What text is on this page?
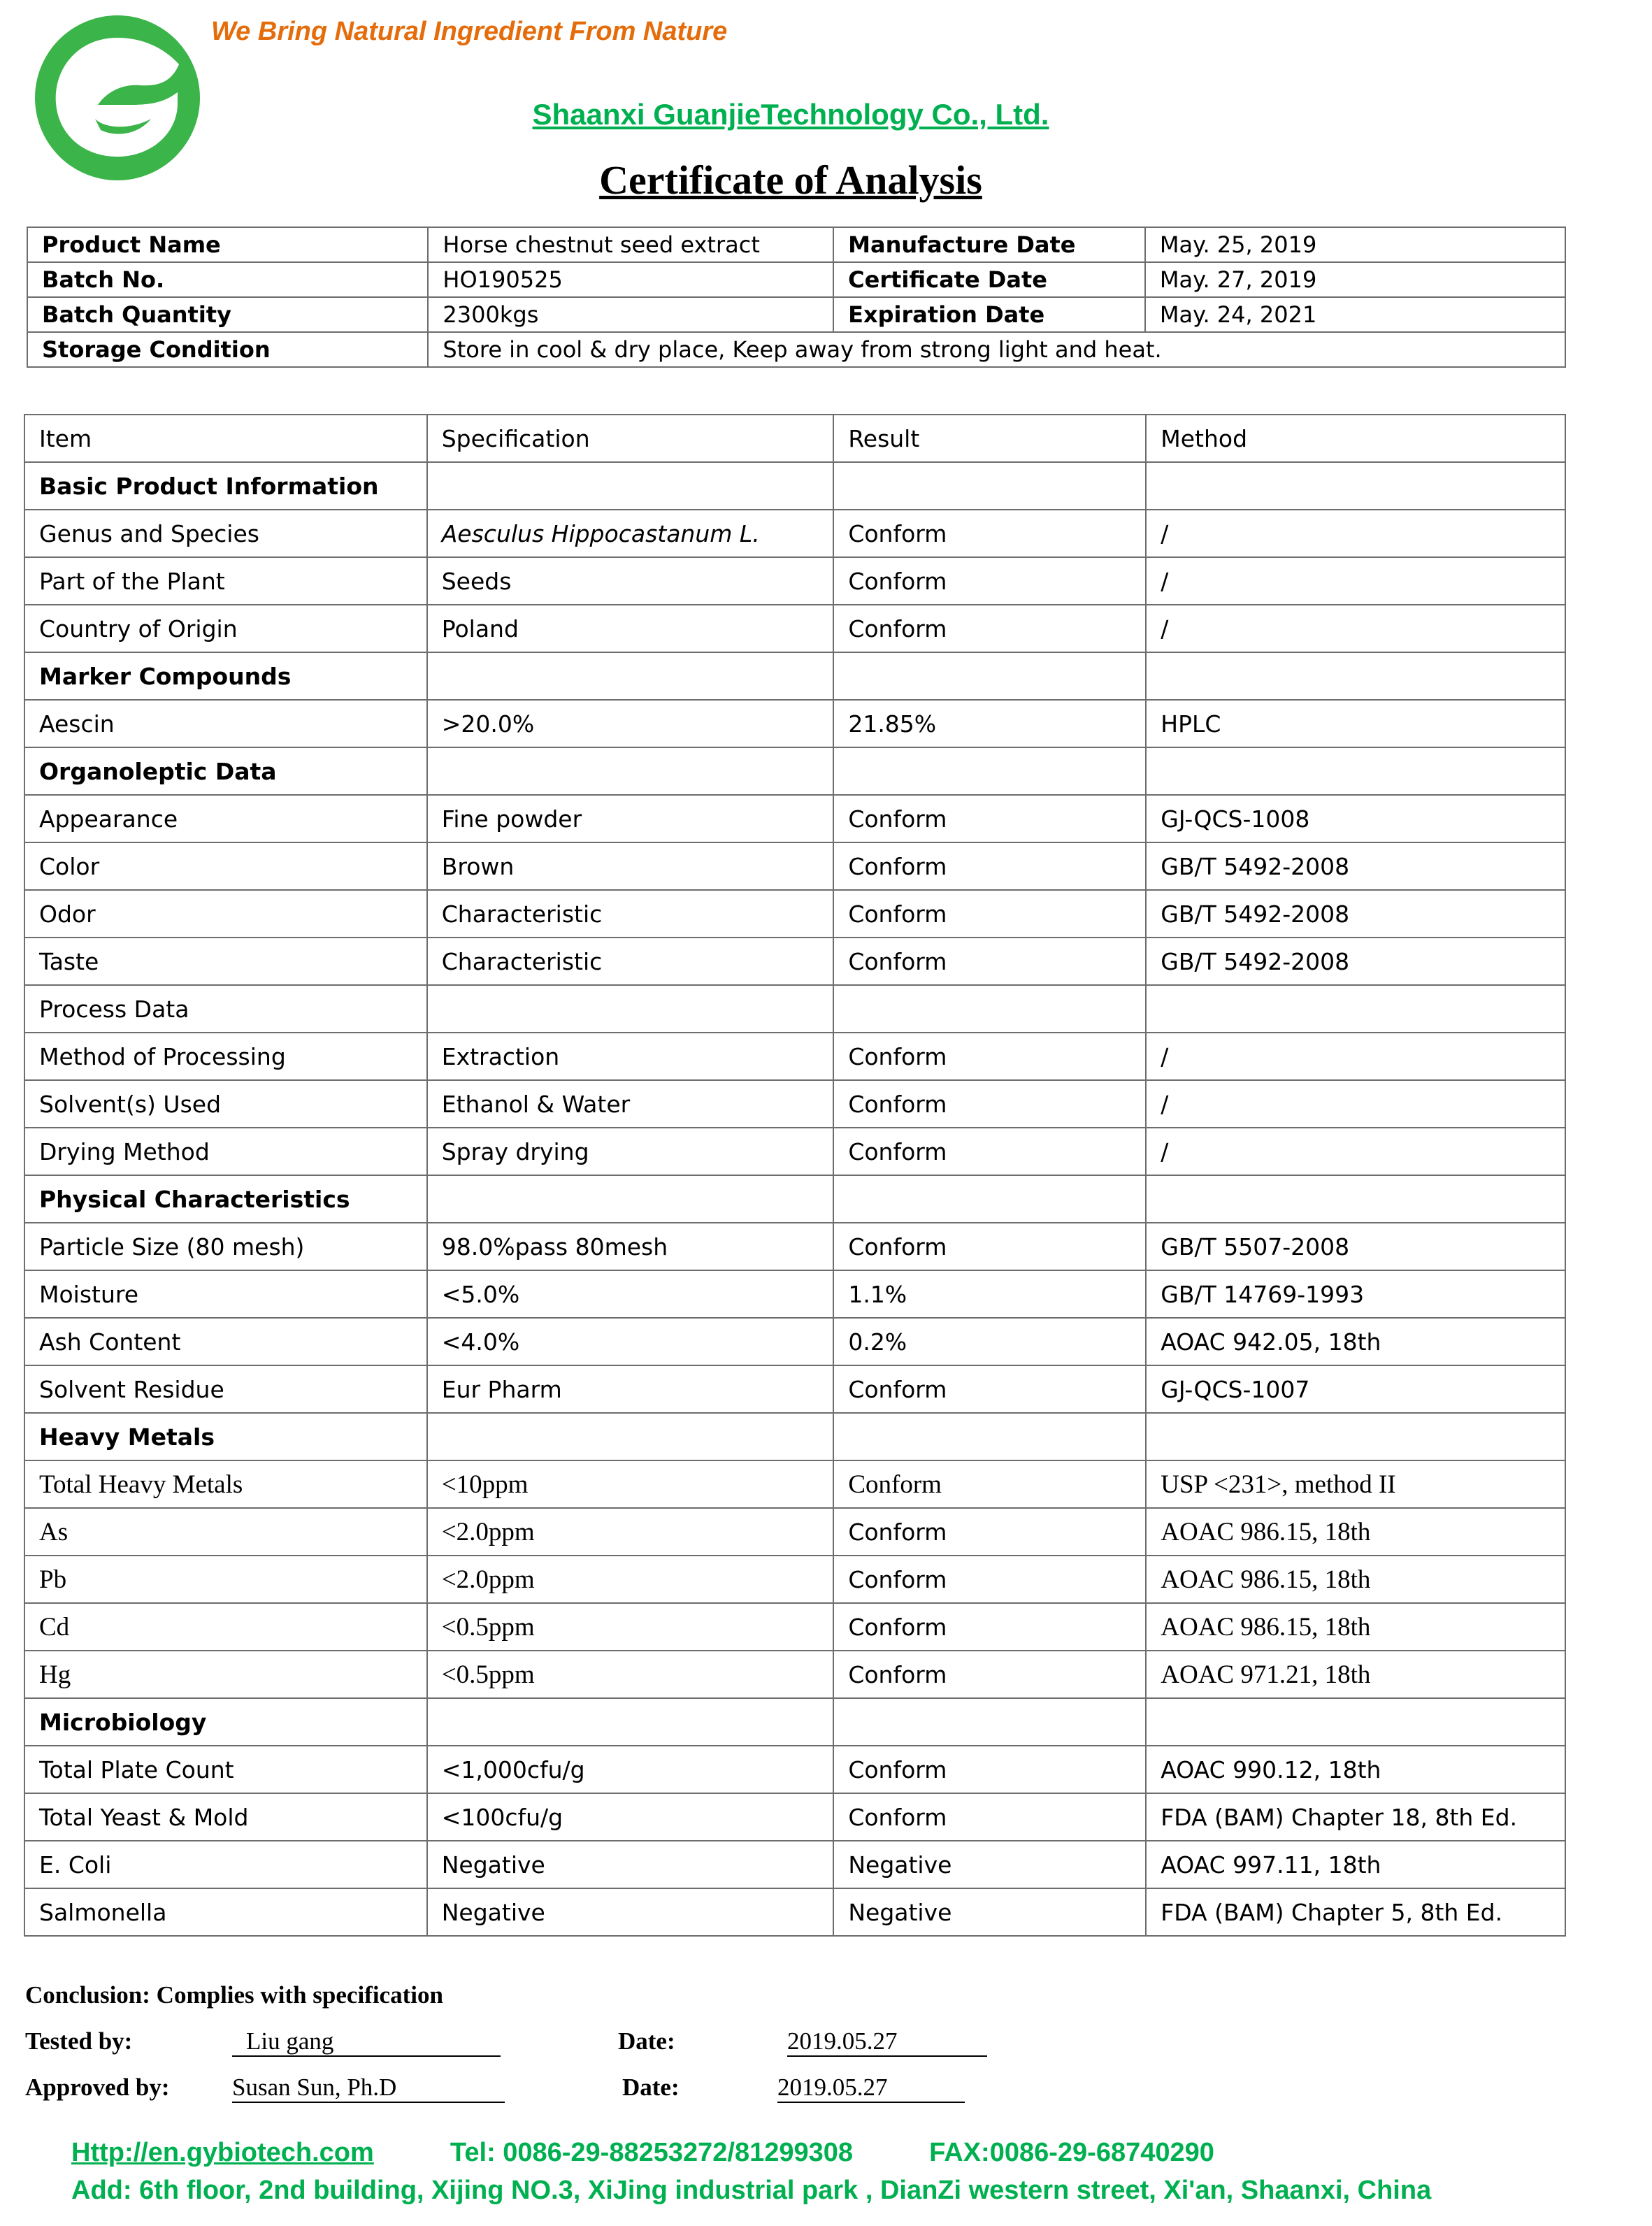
We Bring Natural Ingredient From Nature
Shaanxi GuanjieTechnology Co., Ltd.
Certificate of Analysis
Product Name	Horse chestnut seed extract	Manufacture Date	May. 25, 2019
Batch No.	HO190525	Certificate Date	May. 27, 2019
Batch Quantity	2300kgs	Expiration Date	May. 24, 2021
Storage Condition	Store in cool & dry place, Keep away from strong light and heat.		
Item	Specification	Result	Method
Basic Product Information			
Genus and Species	Aesculus Hippocastanum L.	Conform	/
Part of the Plant	Seeds	Conform	/
Country of Origin	Poland	Conform	/
Marker Compounds			
Aescin	>20.0%	21.85%	HPLC
Organoleptic Data			
Appearance	Fine powder	Conform	GJ-QCS-1008
Color	Brown	Conform	GB/T 5492-2008
Odor	Characteristic	Conform	GB/T 5492-2008
Taste	Characteristic	Conform	GB/T 5492-2008
Process Data			
Method of Processing	Extraction	Conform	/
Solvent(s) Used	Ethanol & Water	Conform	/
Drying Method	Spray drying	Conform	/
Physical Characteristics			
Particle Size (80 mesh)	98.0%pass 80mesh	Conform	GB/T 5507-2008
Moisture	<5.0%	1.1%	GB/T 14769-1993
Ash Content	<4.0%	0.2%	AOAC 942.05, 18th
Solvent Residue	Eur Pharm	Conform	GJ-QCS-1007
Heavy Metals			
Total Heavy Metals	<10ppm	Conform	USP <231>, method II
As	<2.0ppm	Conform	AOAC 986.15, 18th
Pb	<2.0ppm	Conform	AOAC 986.15, 18th
Cd	<0.5ppm	Conform	AOAC 986.15, 18th
Hg	<0.5ppm	Conform	AOAC 971.21, 18th
Microbiology			
Total Plate Count	<1,000cfu/g	Conform	AOAC 990.12, 18th
Total Yeast & Mold	<100cfu/g	Conform	FDA (BAM) Chapter 18, 8th Ed.
E. Coli	Negative	Negative	AOAC 997.11, 18th
Salmonella	Negative	Negative	FDA (BAM) Chapter 5, 8th Ed.
Conclusion: Complies with specification
Tested by:	Liu gang	Date:	2019.05.27
Approved by:	Susan Sun, Ph.D	Date:	2019.05.27
Http://en.gybiotech.com	Tel: 0086-29-88253272/81299308	FAX:0086-29-68740290
Add: 6th floor, 2nd building, Xijing NO.3, XiJing industrial park , DianZi western street, Xi'an, Shaanxi, China
